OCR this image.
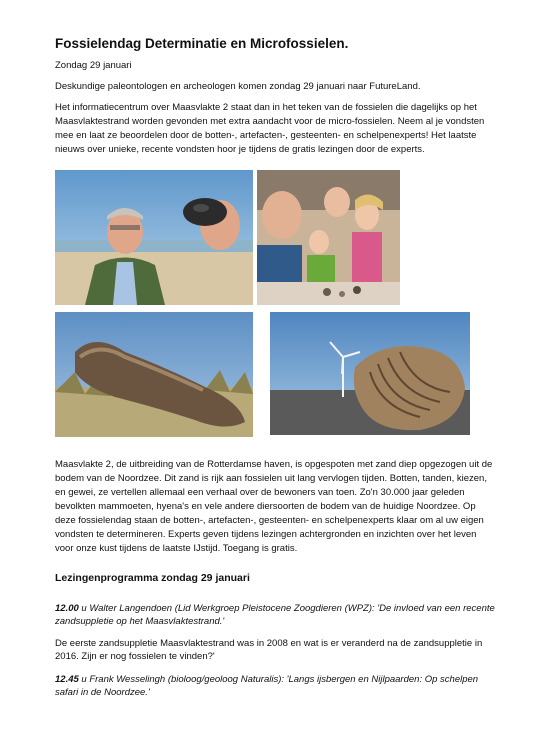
Fossielendag Determinatie en Microfossielen.
Zondag 29 januari
Deskundige paleontologen en archeologen komen zondag 29 januari naar FutureLand.
Het informatiecentrum over Maasvlakte 2 staat dan in het teken van de fossielen die dagelijks op het Maasvlaktestrand worden gevonden met extra aandacht voor de micro-fossielen. Neem al je vondsten mee en laat ze beoordelen door de botten-, artefacten-, gesteenten- en schelpenexperts! Het laatste nieuws over unieke, recente vondsten hoor je tijdens de gratis lezingen door de experts.
Maasvlakte 2, de uitbreiding van de Rotterdamse haven, is opgespoten met zand diep opgezogen uit de bodem van de Noordzee. Dit zand is rijk aan fossielen uit lang vervlogen tijden. Botten, tanden, kiezen, en gewei, ze vertellen allemaal een verhaal over de bewoners van toen. Zo'n 30.000 jaar geleden bevolkten mammoeten, hyena's en vele andere diersoorten de bodem van de huidige Noordzee. Op deze fossielendag staan de botten-, artefacten-, gesteenten- en schelpenexperts klaar om al uw eigen vondsten te determineren. Experts geven tijdens lezingen achtergronden en inzichten over het leven voor onze kust tijdens de laatste IJstijd. Toegang is gratis.
Lezingenprogramma zondag 29 januari
12.00 u Walter Langendoen (Lid Werkgroep Pleistocene Zoogdieren (WPZ): 'De invloed van een recente zandsuppletie op het Maasvlaktestrand.'
De eerste zandsuppletie Maasvlaktestrand was in 2008 en wat is er veranderd na de zandsuppletie in 2016. Zijn er nog fossielen te vinden?'
12.45 u Frank Wesselingh (bioloog/geoloog Naturalis): 'Langs ijsbergen en Nijlpaarden: Op schelpen safari in de Noordzee.'
